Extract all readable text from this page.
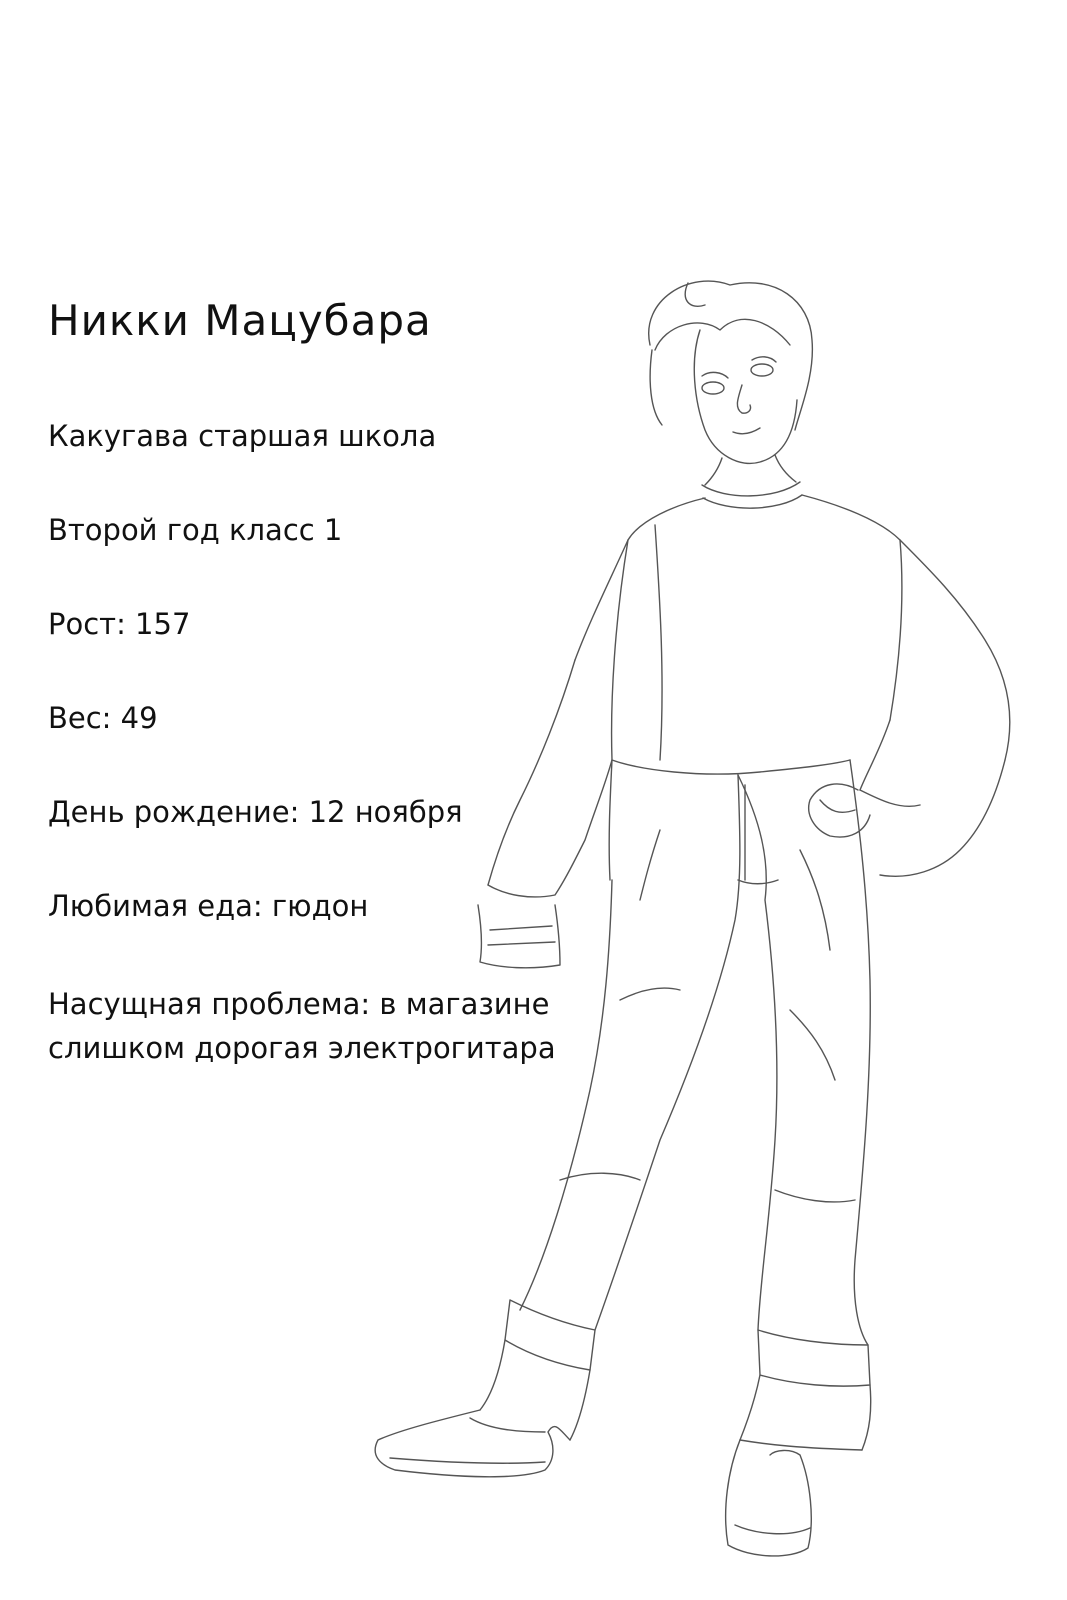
Никки Мацубара
Какугава старшая школа
Второй год класс 1
Рост: 157
Вес: 49
День рождение: 12 ноября
Любимая еда: гюдон
Насущная проблема: в магазине
слишком дорогая электрогитара
